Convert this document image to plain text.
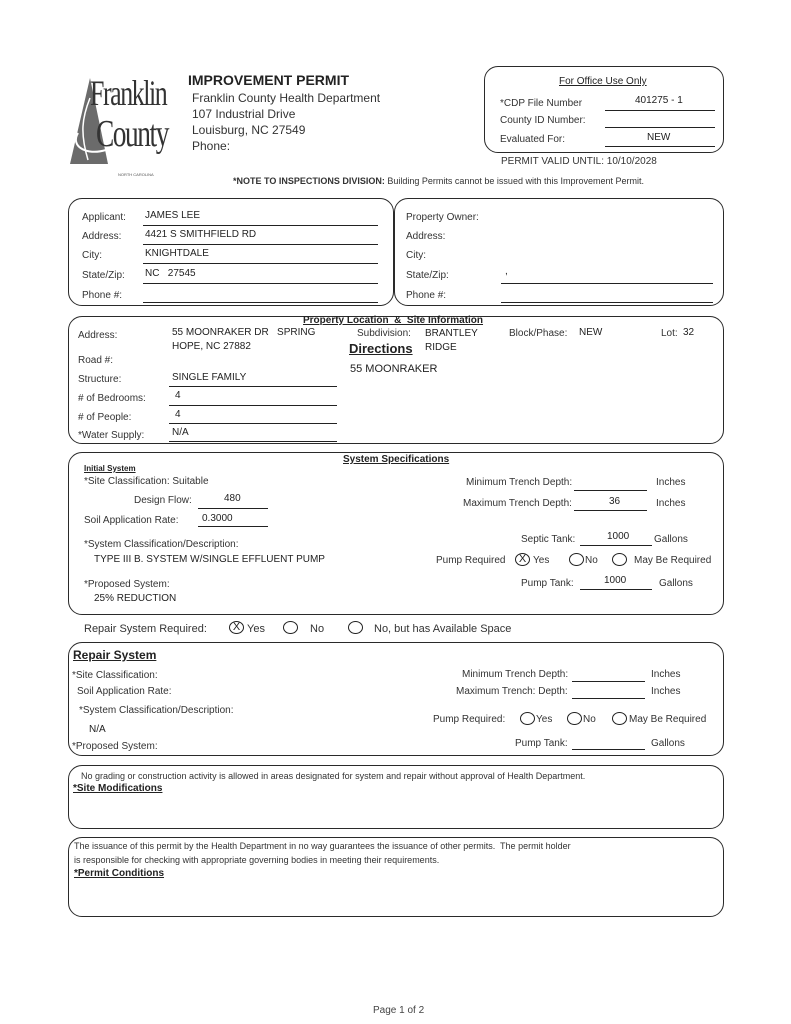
Franklin
County
NORTH CAROLINA
IMPROVEMENT PERMIT
Franklin County Health Department
107 Industrial Drive
Louisburg, NC 27549
Phone:
For Office Use Only
*CDP File Number	401275 - 1
County ID Number:
Evaluated For:	NEW
PERMIT VALID UNTIL: 10/10/2028
*NOTE TO INSPECTIONS DIVISION: Building Permits cannot be issued with this Improvement Permit.
Applicant: JAMES LEE
Address: 4421 S SMITHFIELD RD
City:	KNIGHTDALE
State/Zip: NC   27545
Phone #:
Property Owner:
Address:
City:
State/Zip:	,
Phone #:
Property Location  &  Site Information
Address:	55 MOONRAKER DR   SPRING
HOPE, NC 27882
Subdivision: BRANTLEY
RIDGE
Directions
55 MOONRAKER
Block/Phase: NEW	Lot: 32
Road #:
Structure:	SINGLE FAMILY
# of Bedrooms:	4
# of People:	4
*Water Supply:	N/A
System Specifications
Initial System
*Site Classification: Suitable
Design Flow:	480
Soil Application Rate: 0.3000
*System Classification/Description:
TYPE III B. SYSTEM W/SINGLE EFFLUENT PUMP
*Proposed System:
25% REDUCTION
Minimum Trench Depth:	Inches
Maximum Trench Depth:	36	Inches
Septic Tank:	1000 Gallons
Pump Required	X Yes	No	May Be Required
Pump Tank:	1000	Gallons
Repair System Required:	X Yes	No	No, but has Available Space
Repair System
*Site Classification:
Soil Application Rate:
*System Classification/Description:
N/A
*Proposed System:
Minimum Trench Depth:	Inches
Maximum Trench: Depth:	Inches
Pump Required:	Yes	No	May Be Required
Pump Tank:	Gallons
No grading or construction activity is allowed in areas designated for system and repair without approval of Health Department.
*Site Modifications
The issuance of this permit by the Health Department in no way guarantees the issuance of other permits.  The permit holder
is responsible for checking with appropriate governing bodies in meeting their requirements.
*Permit Conditions
Page 1 of 2
